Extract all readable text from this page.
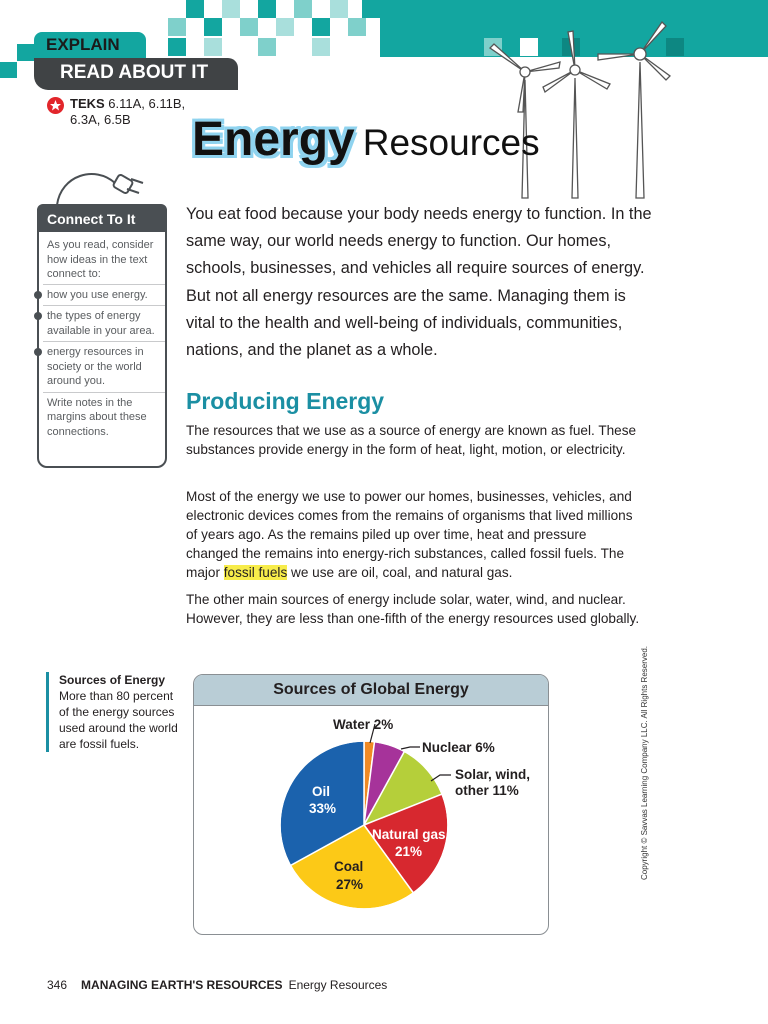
EXPLAIN
READ ABOUT IT
TEKS 6.11A, 6.11B,
6.3A, 6.5B	Energy Resources
Connect To It

As you read, consider how ideas in the text connect to:

how you use energy.
the types of energy available in your area.
energy resources in society or the world around you.
Write notes in the margins about these connections.
You eat food because your body needs energy to function. In the same way, our world needs energy to function. Our homes, schools, businesses, and vehicles all require sources of energy. But not all energy resources are the same. Managing them is vital to the health and well-being of individuals, communities, nations, and the planet as a whole.
Producing Energy
The resources that we use as a source of energy are known as fuel. These substances provide energy in the form of heat, light, motion, or electricity.
Most of the energy we use to power our homes, businesses, vehicles, and electronic devices comes from the remains of organisms that lived millions of years ago. As the remains piled up over time, heat and pressure changed the remains into energy-rich substances, called fossil fuels. The major fossil fuels we use are oil, coal, and natural gas.
The other main sources of energy include solar, water, wind, and nuclear. However, they are less than one-fifth of the energy resources used globally.
Sources of Energy
More than 80 percent of the energy sources used around the world are fossil fuels.
Sources of Global Energy
Water 2%
Nuclear 6%
Solar, wind,
other 11%
Natural gas
21%
Coal
27%
Oil
33%	Copyright © Savvas Learning Company LLC. All Rights Reserved.
346 MANAGING EARTH'S RESOURCES Energy Resources
